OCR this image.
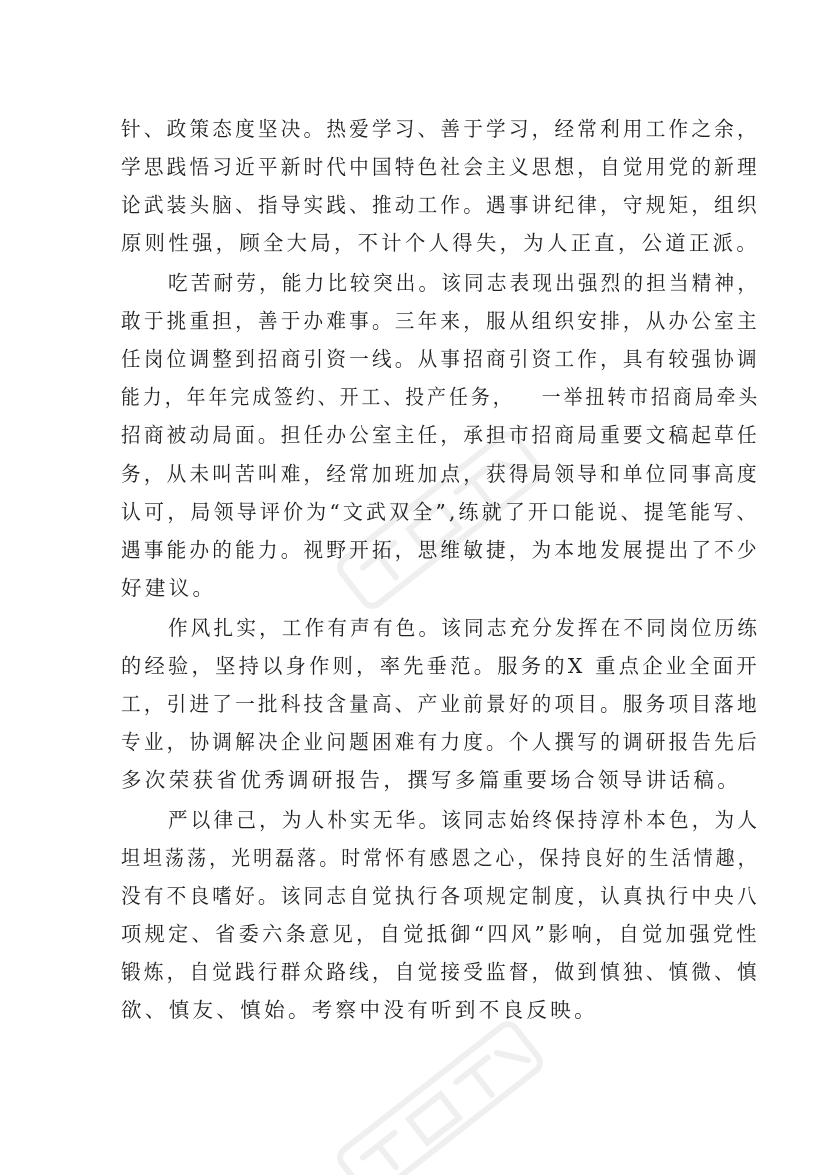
针、政策态度坚决。热爱学习、善于学习，经常利用工作之余，
学思践悟习近平新时代中国特色社会主义思想，自觉用党的新理
论武装头脑、指导实践、推动工作。遇事讲纪律，守规矩，组织
原则性强，顾全大局，不计个人得失，为人正直，公道正派。
吃苦耐劳，能力比较突出。该同志表现出强烈的担当精神，
敢于挑重担，善于办难事。三年来，服从组织安排，从办公室主
任岗位调整到招商引资一线。从事招商引资工作，具有较强协调
能力，年年完成签约、开工、投产任务，   一举扭转市招商局牵头
招商被动局面。担任办公室主任，承担市招商局重要文稿起草任
务，从未叫苦叫难，经常加班加点，获得局领导和单位同事高度
认可，局领导评价为“文武双全”,练就了开口能说、提笔能写、
遇事能办的能力。视野开拓，思维敏捷，为本地发展提出了不少
好建议。
作风扎实，工作有声有色。该同志充分发挥在不同岗位历练
的经验，坚持以身作则，率先垂范。服务的X 重点企业全面开
工，引进了一批科技含量高、产业前景好的项目。服务项目落地
专业，协调解决企业问题困难有力度。个人撰写的调研报告先后
多次荣获省优秀调研报告，撰写多篇重要场合领导讲话稿。
严以律己，为人朴实无华。该同志始终保持淳朴本色，为人
坦坦荡荡，光明磊落。时常怀有感恩之心，保持良好的生活情趣，
没有不良嗜好。该同志自觉执行各项规定制度，认真执行中央八
项规定、省委六条意见，自觉抵御“四风”影响，自觉加强党性
锻炼，自觉践行群众路线，自觉接受监督，做到慎独、慎微、慎
欲、慎友、慎始。考察中没有听到不良反映。
